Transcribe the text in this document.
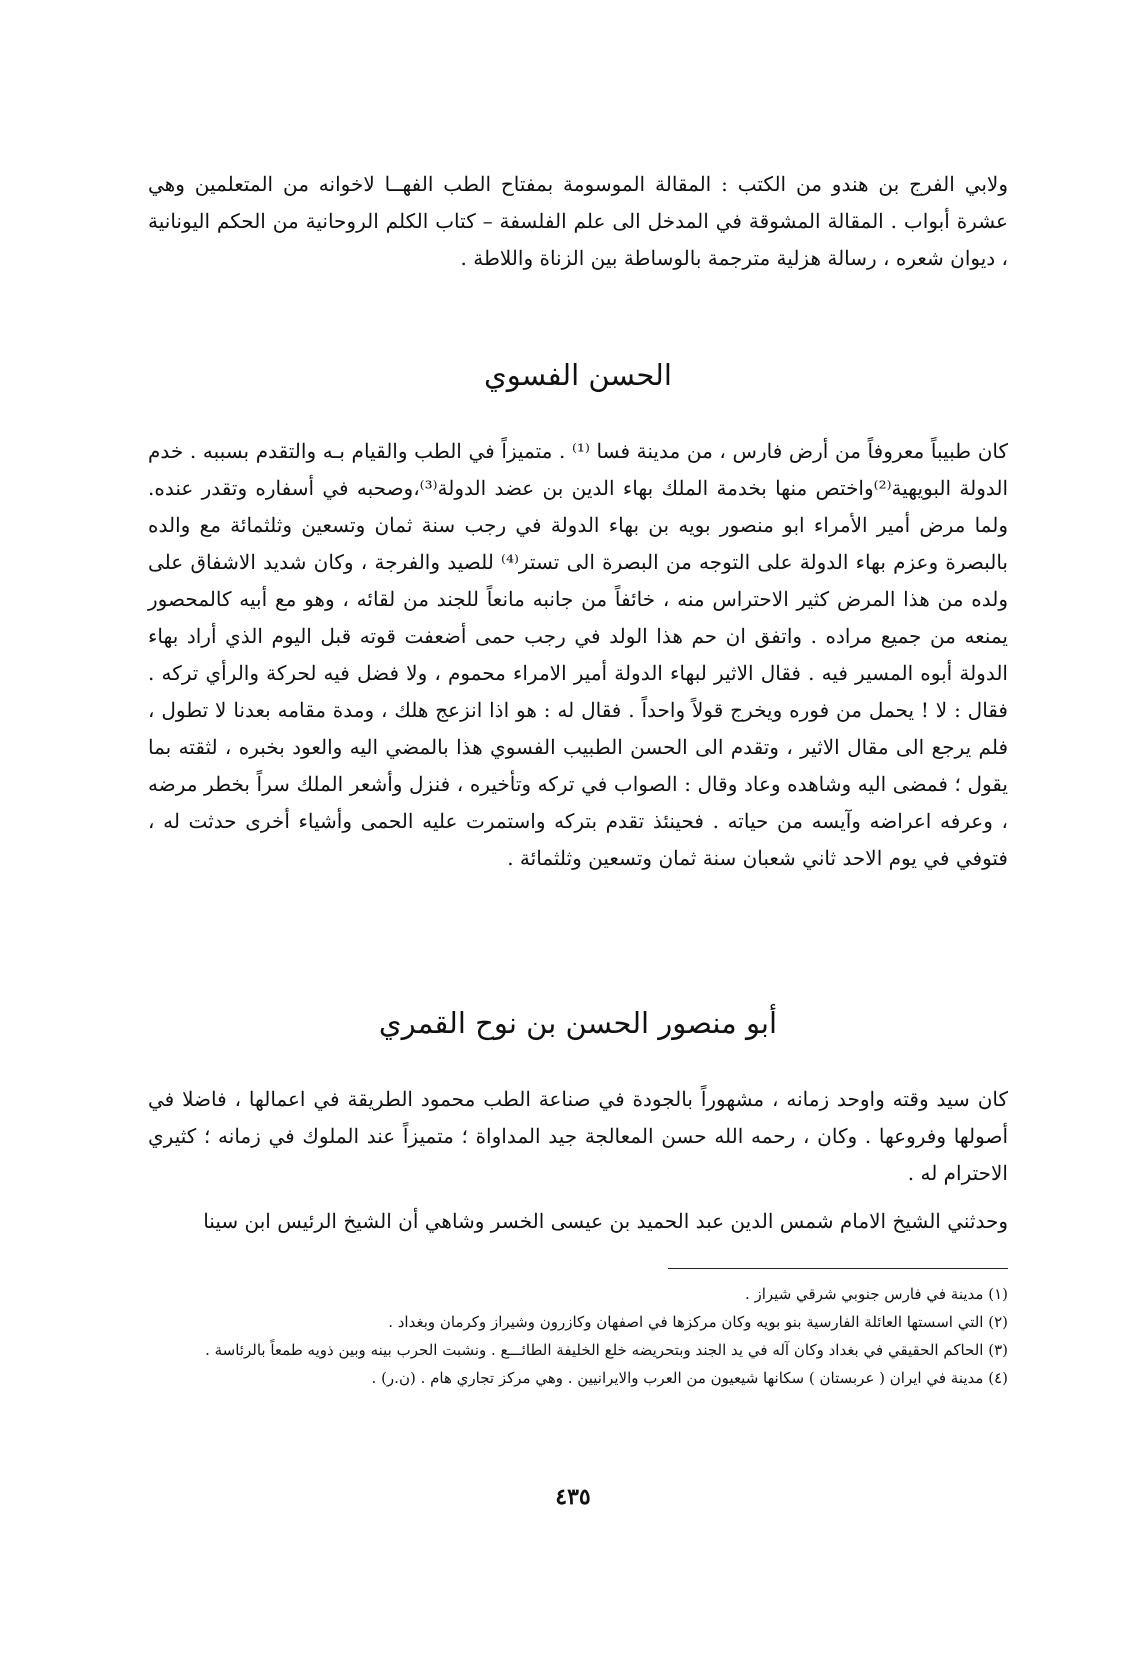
ولابي الفرج بن هندو من الكتب : المقالة الموسومة بمفتاح الطب الفهــا لاخوانه من المتعلمين وهي عشرة أبواب . المقالة المشوقة في المدخل الى علم الفلسفة – كتاب الكلم الروحانية من الحكم اليونانية ، ديوان شعره ، رسالة هزلية مترجمة بالوساطة بين الزناة واللاطة .

الحسن الفسوي

كان طبيباً معروفاً من أرض فارس ، من مدينة فسا ⁽¹⁾ . متميزاً في الطب والقيام بـه والتقدم بسببه . خدم الدولة البويهية⁽²⁾واختص منها بخدمة الملك بهاء الدين بن عضد الدولة⁽³⁾،وصحبه في أسفاره وتقدر عنده. ولما مرض أمير الأمراء ابو منصور بويه بن بهاء الدولة في رجب سنة ثمان وتسعين وثلثمائة مع والده بالبصرة وعزم بهاء الدولة على التوجه من البصرة الى تستر⁽⁴⁾ للصيد والفرجة ، وكان شديد الاشفاق على ولده من هذا المرض كثير الاحتراس منه ، خائفاً من جانبه مانعاً للجند من لقائه ، وهو مع أبيه كالمحصور يمنعه من جميع مراده . واتفق ان حم هذا الولد في رجب حمى أضعفت قوته قبل اليوم الذي أراد بهاء الدولة أبوه المسير فيه . فقال الاثير لبهاء الدولة أمير الامراء محموم ، ولا فضل فيه لحركة والرأي تركه . فقال : لا ! يحمل من فوره ويخرج قولاً واحداً . فقال له : هو اذا انزعج هلك ، ومدة مقامه بعدنا لا تطول ، فلم يرجع الى مقال الاثير ، وتقدم الى الحسن الطبيب الفسوي هذا بالمضي اليه والعود بخبره ، لثقته بما يقول ؛ فمضى اليه وشاهده وعاد وقال : الصواب في تركه وتأخيره ، فنزل وأشعر الملك سراً بخطر مرضه ، وعرفه اعراضه وآيسه من حياته . فحينئذ تقدم بتركه واستمرت عليه الحمى وأشياء أخرى حدثت له ، فتوفي في يوم الاحد ثاني شعبان سنة ثمان وتسعين وثلثمائة .

أبو منصور الحسن بن نوح القمري

كان سيد وقته واوحد زمانه ، مشهوراً بالجودة في صناعة الطب محمود الطريقة في اعمالها ، فاضلا في أصولها وفروعها . وكان ، رحمه الله حسن المعالجة جيد المداواة ؛ متميزاً عند الملوك في زمانه ؛ كثيري الاحترام له .

وحدثني الشيخ الامام شمس الدين عبد الحميد بن عيسى الخسر وشاهي أن الشيخ الرئيس ابن سينا

(١) مدينة في فارس جنوبي شرقي شيراز .

(٢) التي اسستها العائلة الفارسية بنو بويه وكان مركزها في اصفهان وكازرون وشيراز وكرمان وبغداد .

(٣) الحاكم الحقيقي في بغداد وكان آله في يد الجند وبتحريضه خلع الخليفة الطائـــع . ونشبت الحرب بينه وبين ذويه طمعاً بالرئاسة .

(٤) مدينة في ايران ( عربستان ) سكانها شيعيون من العرب والايرانيين . وهي مركز تجاري هام . (ن.ر) .

٤٣٥
